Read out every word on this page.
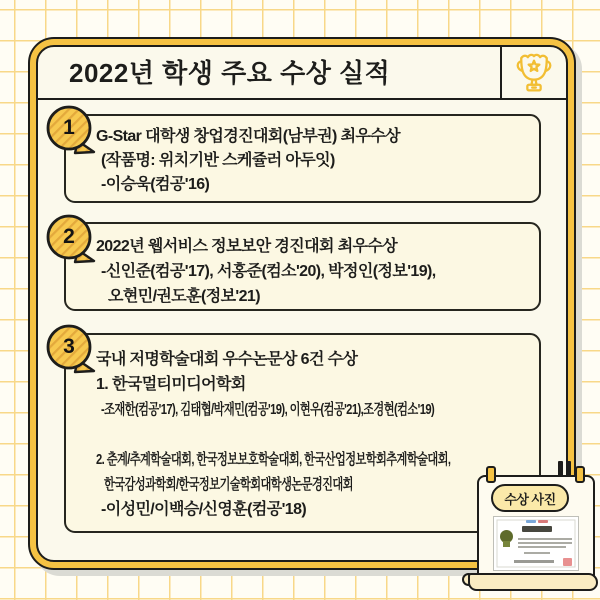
2022년 학생 주요 수상 실적
G-Star 대학생 창업경진대회(남부권) 최우수상
(작품명: 위치기반 스케쥴러 아두잇)
-이승욱(컴공'16)
2022년 웹서비스 정보보안 경진대회 최우수상
-신인준(컴공'17), 서홍준(컴소'20), 박정인(정보'19),
오현민/권도훈(정보'21)
국내 저명학술대회 우수논문상 6건 수상
1. 한국멀티미디어학회
-조재한(컴공'17), 김태협/박재민(컴공'19), 이현우(컴공'21),조경현(컴소'19)
2. 춘계/추계학술대회, 한국정보보호학술대회, 한국산업정보학회추계학술대회,
한국감성과학회/한국정보기술학회대학생논문경진대회
-이성민/이백승/신영훈(컴공'18)
1
2
3
수상 사진
